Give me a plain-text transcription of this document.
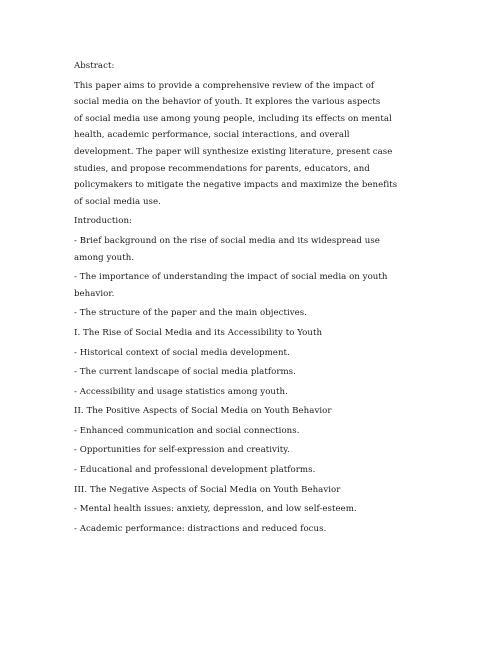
Abstract:
This paper aims to provide a comprehensive review of the impact of
social media on the behavior of youth. It explores the various aspects
of social media use among young people, including its effects on mental
health, academic performance, social interactions, and overall
development. The paper will synthesize existing literature, present case
studies, and propose recommendations for parents, educators, and
policymakers to mitigate the negative impacts and maximize the benefits
of social media use.
Introduction:
- Brief background on the rise of social media and its widespread use
among youth.
- The importance of understanding the impact of social media on youth
behavior.
- The structure of the paper and the main objectives.
I. The Rise of Social Media and its Accessibility to Youth
- Historical context of social media development.
- The current landscape of social media platforms.
- Accessibility and usage statistics among youth.
II. The Positive Aspects of Social Media on Youth Behavior
- Enhanced communication and social connections.
- Opportunities for self-expression and creativity.
- Educational and professional development platforms.
III. The Negative Aspects of Social Media on Youth Behavior
- Mental health issues: anxiety, depression, and low self-esteem.
- Academic performance: distractions and reduced focus.
